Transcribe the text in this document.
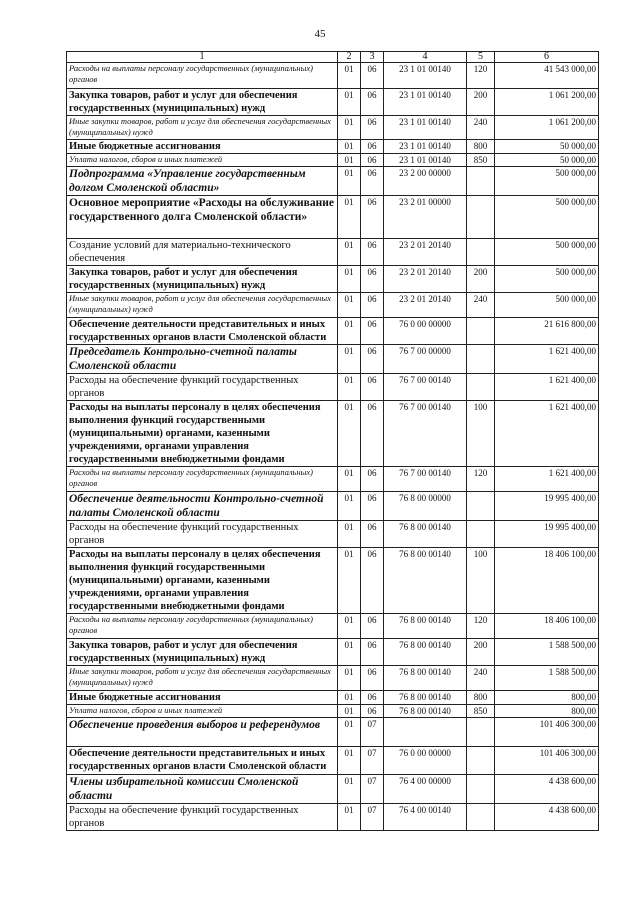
45
1	2	3	4	5	6
Расходы на выплаты персоналу государственных (муниципальных) органов	01	06	23 1 01 00140	120	41 543 000,00
Закупка товаров, работ и услуг для обеспечения государственных (муниципальных) нужд	01	06	23 1 01 00140	200	1 061 200,00
Иные закупки товаров, работ и услуг для обеспечения государственных (муниципальных) нужд	01	06	23 1 01 00140	240	1 061 200,00
Иные бюджетные ассигнования	01	06	23 1 01 00140	800	50 000,00
Уплата налогов, сборов и иных платежей	01	06	23 1 01 00140	850	50 000,00
Подпрограмма «Управление государственным долгом Смоленской области»	01	06	23 2 00 00000		500 000,00
Основное мероприятие «Расходы на обслуживание государственного долга Смоленской области»	01	06	23 2 01 00000		500 000,00
Создание условий для материально-технического обеспечения	01	06	23 2 01 20140		500 000,00
Закупка товаров, работ и услуг для обеспечения государственных (муниципальных) нужд	01	06	23 2 01 20140	200	500 000,00
Иные закупки товаров, работ и услуг для обеспечения государственных (муниципальных) нужд	01	06	23 2 01 20140	240	500 000,00
Обеспечение деятельности представительных и иных государственных органов власти Смоленской области	01	06	76 0 00 00000		21 616 800,00
Председатель Контрольно-счетной палаты Смоленской области	01	06	76 7 00 00000		1 621 400,00
Расходы на обеспечение функций государственных органов	01	06	76 7 00 00140		1 621 400,00
Расходы на выплаты персоналу в целях обеспечения выполнения функций государственными (муниципальными) органами, казенными учреждениями, органами управления государственными внебюджетными фондами	01	06	76 7 00 00140	100	1 621 400,00
Расходы на выплаты персоналу государственных (муниципальных) органов	01	06	76 7 00 00140	120	1 621 400,00
Обеспечение деятельности Контрольно-счетной палаты Смоленской области	01	06	76 8 00 00000		19 995 400,00
Расходы на обеспечение функций государственных органов	01	06	76 8 00 00140		19 995 400,00
Расходы на выплаты персоналу в целях обеспечения выполнения функций государственными (муниципальными) органами, казенными учреждениями, органами управления государственными внебюджетными фондами	01	06	76 8 00 00140	100	18 406 100,00
Расходы на выплаты персоналу государственных (муниципальных) органов	01	06	76 8 00 00140	120	18 406 100,00
Закупка товаров, работ и услуг для обеспечения государственных (муниципальных) нужд	01	06	76 8 00 00140	200	1 588 500,00
Иные закупки товаров, работ и услуг для обеспечения государственных (муниципальных) нужд	01	06	76 8 00 00140	240	1 588 500,00
Иные бюджетные ассигнования	01	06	76 8 00 00140	800	800,00
Уплата налогов, сборов и иных платежей	01	06	76 8 00 00140	850	800,00
Обеспечение проведения выборов и референдумов	01	07			101 406 300,00
Обеспечение деятельности представительных и иных государственных органов власти Смоленской области	01	07	76 0 00 00000		101 406 300,00
Члены избирательной комиссии Смоленской области	01	07	76 4 00 00000		4 438 600,00
Расходы на обеспечение функций государственных органов	01	07	76 4 00 00140		4 438 600,00
